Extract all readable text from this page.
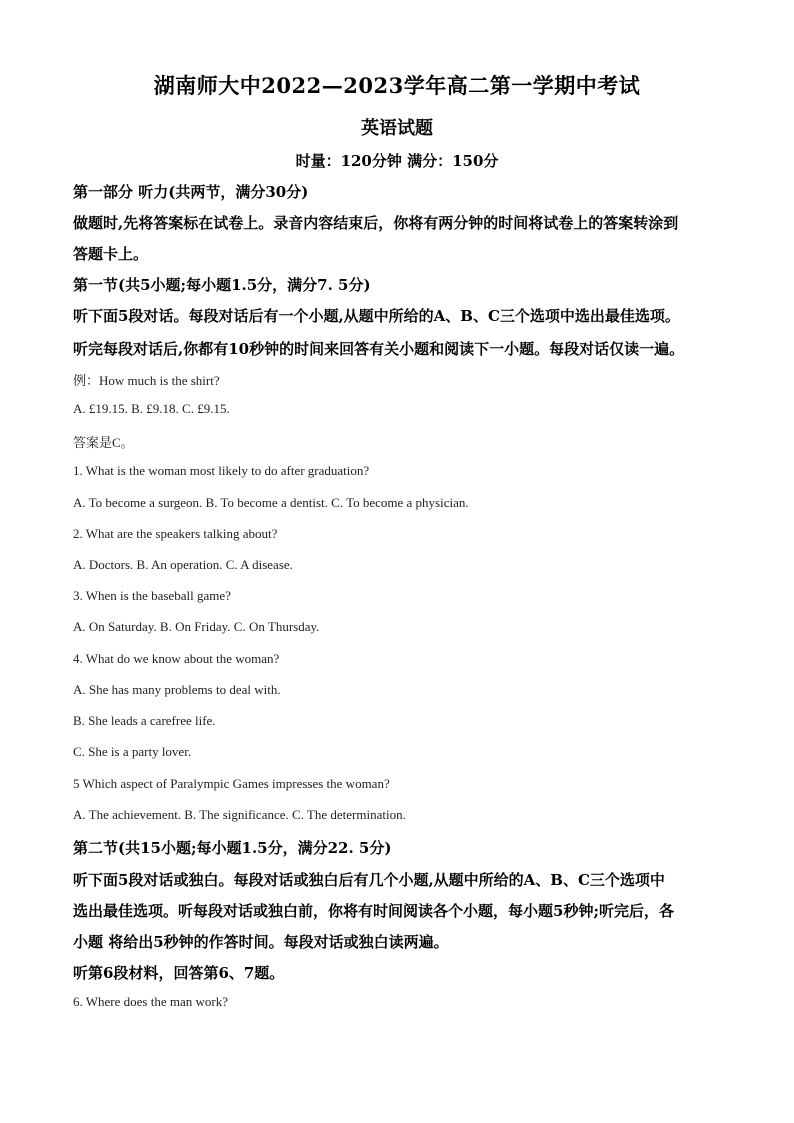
湖南师大中2022—2023学年高二第一学期中考试
英语试题
时量：120分钟 满分：150分
第一部分 听力(共两节，满分30分)
做题时,先将答案标在试卷上。录音内容结束后，你将有两分钟的时间将试卷上的答案转涂到
答题卡上。
第一节(共5小题;每小题1.5分，满分7. 5分)
听下面5段对话。每段对话后有一个小题,从题中所给的A、B、C三个选项中选出最佳选项。
听完每段对话后,你都有10秒钟的时间来回答有关小题和阅读下一小题。每段对话仅读一遍。
例：How much is the shirt?
A. £19.15. B. £9.18. C. £9.15.
答案是C。
1. What is the woman most likely to do after graduation?
A. To become a surgeon. B. To become a dentist. C. To become a physician.
2. What are the speakers talking about?
A. Doctors. B. An operation. C. A disease.
3. When is the baseball game?
A. On Saturday. B. On Friday. C. On Thursday.
4. What do we know about the woman?
A. She has many problems to deal with.
B. She leads a carefree life.
C. She is a party lover.
5 Which aspect of Paralympic Games impresses the woman?
A. The achievement. B. The significance. C. The determination.
第二节(共15小题;每小题1.5分，满分22. 5分)
听下面5段对话或独白。每段对话或独白后有几个小题,从题中所给的A、B、C三个选项中
选出最佳选项。听每段对话或独白前，你将有时间阅读各个小题，每小题5秒钟;听完后，各
小题 将给出5秒钟的作答时间。每段对话或独白读两遍。
听第6段材料，回答第6、7题。
6. Where does the man work?
